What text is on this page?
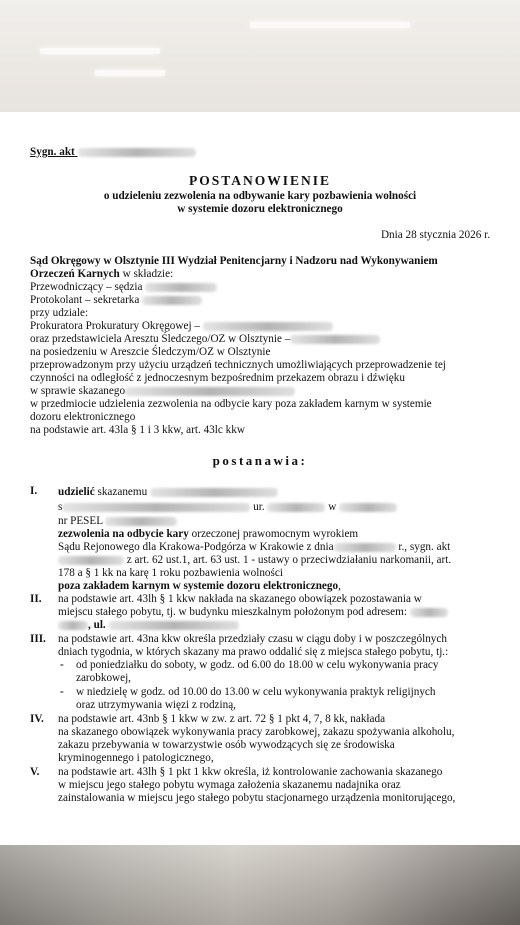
Sygn. akt
POSTANOWIENIE
o udzieleniu zezwolenia na odbywanie kary pozbawienia wolności
w systemie dozoru elektronicznego
Dnia 28 stycznia 2026 r.
Sąd Okręgowy w Olsztynie III Wydział Penitencjarny i Nadzoru nad Wykonywaniem
Orzeczeń Karnych w składzie:
Przewodniczący – sędzia
Protokolant – sekretarka
przy udziale:
Prokuratora Prokuratury Okręgowej –
oraz przedstawiciela Aresztu Śledczego/OZ w Olsztynie –
na posiedzeniu w Areszcie Śledczym/OZ w Olsztynie
przeprowadzonym przy użyciu urządzeń technicznych umożliwiających przeprowadzenie tej
czynności na odległość z jednoczesnym bezpośrednim przekazem obrazu i dźwięku
w sprawie skazanego
w przedmiocie udzielenia zezwolenia na odbycie kary poza zakładem karnym w systemie
dozoru elektronicznego
na podstawie art. 43la § 1 i 3 kkw, art. 43lc kkw
postanawia:
I. udzielić skazanemu
s	ur.	w
nr PESEL
zezwolenia na odbycie kary orzeczonej prawomocnym wyrokiem
Sądu Rejonowego dla Krakowa-Podgórza w Krakowie z dnia	r., sygn. akt
z art. 62 ust.1, art. 63 ust. 1 - ustawy o przeciwdziałaniu narkomanii, art.
178 a § 1 kk na karę 1 roku pozbawienia wolności
poza zakładem karnym w systemie dozoru elektronicznego,
II. na podstawie art. 43lh § 1 kkw nakłada na skazanego obowiązek pozostawania w
miejscu stałego pobytu, tj. w budynku mieszkalnym położonym pod adresem:
, ul.
III. na podstawie art. 43na kkw określa przedziały czasu w ciągu doby i w poszczególnych
dniach tygodnia, w których skazany ma prawo oddalić się z miejsca stałego pobytu, tj.:
- od poniedziałku do soboty, w godz. od 6.00 do 18.00 w celu wykonywania pracy
zarobkowej,
- w niedzielę w godz. od 10.00 do 13.00 w celu wykonywania praktyk religijnych
oraz utrzymywania więzi z rodziną,
IV. na podstawie art. 43nb § 1 kkw w zw. z art. 72 § 1 pkt 4, 7, 8 kk, nakłada
na skazanego obowiązek wykonywania pracy zarobkowej, zakazu spożywania alkoholu,
zakazu przebywania w towarzystwie osób wywodzących się ze środowiska
kryminogennego i patologicznego,
V. na podstawie art. 43lh § 1 pkt 1 kkw określa, iż kontrolowanie zachowania skazanego
w miejscu jego stałego pobytu wymaga założenia skazanemu nadajnika oraz
zainstalowania w miejscu jego stałego pobytu stacjonarnego urządzenia monitorującego,
